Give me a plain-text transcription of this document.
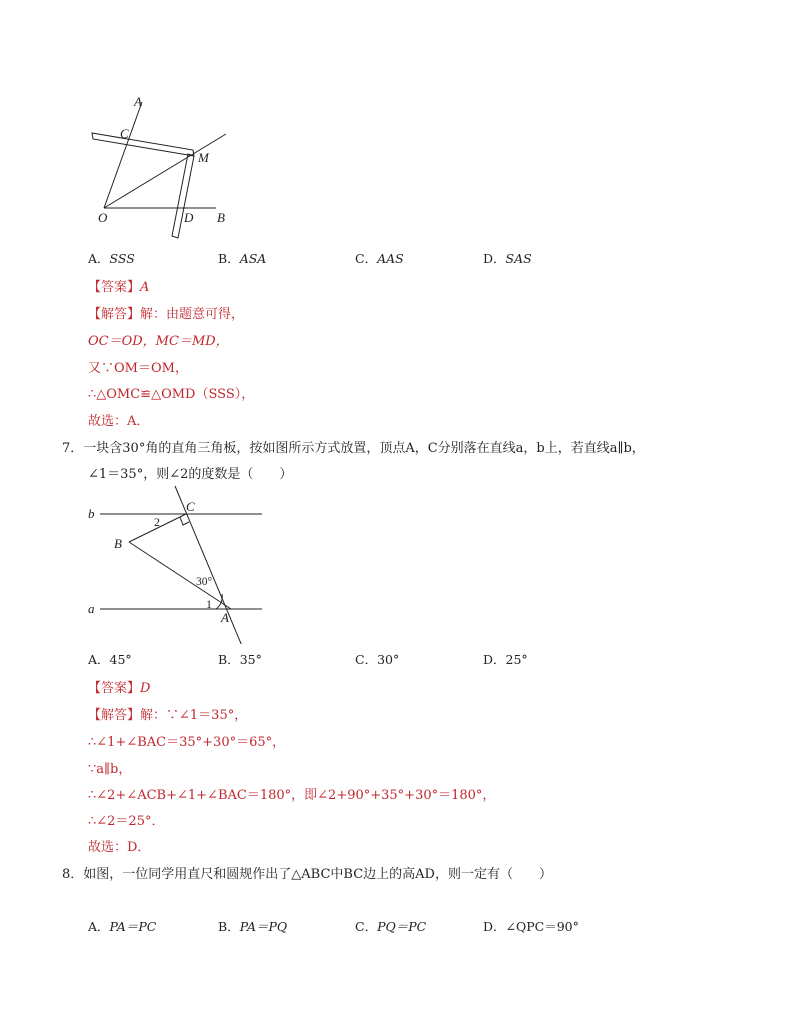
A
C
M
O	D B
A．SSS	B．ASA	C．AAS	D．SAS
【答案】A
【解答】解：由题意可得，
OC＝OD，MC＝MD，
又∵OM＝OM，
∴△OMC≌△OMD（SSS），
故选：A．
7．一块含30°角的直角三角板，按如图所示方式放置，顶点A，C分别落在直线a，b上，若直线a∥b，
∠1＝35°，则∠2的度数是（　　）
b	C
2
B
30°
1
a
A
A．45°	B．35°	C．30°	D．25°
【答案】D
【解答】解：∵∠1＝35°，
∴∠1+∠BAC＝35°+30°＝65°，
∵a∥b，
∴∠2+∠ACB+∠1+∠BAC＝180°，即∠2+90°+35°+30°＝180°，
∴∠2＝25°．
故选：D．
8．如图，一位同学用直尺和圆规作出了△ABC中BC边上的高AD，则一定有（　　）
A．PA＝PC	B．PA＝PQ	C．PQ＝PC	D．∠QPC＝90°
